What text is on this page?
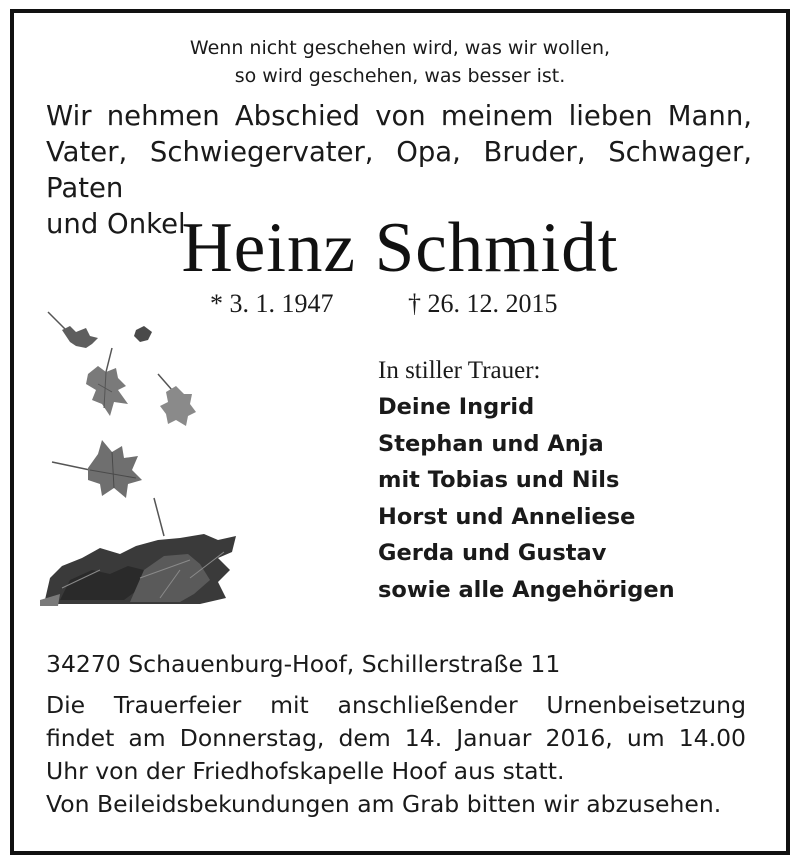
Wenn nicht geschehen wird, was wir wollen,
so wird geschehen, was besser ist.
Wir nehmen Abschied von meinem lieben Mann,
Vater, Schwiegervater, Opa, Bruder, Schwager, Paten
und Onkel
Heinz Schmidt
* 3. 1. 1947	† 26. 12. 2015
In stiller Trauer:
Deine Ingrid
Stephan und Anja
mit Tobias und Nils
Horst und Anneliese
Gerda und Gustav
sowie alle Angehörigen
34270 Schauenburg-Hoof, Schillerstraße 11
Die Trauerfeier mit anschließender Urnenbeisetzung
findet am Donnerstag, dem 14. Januar 2016, um 14.00
Uhr von der Friedhofskapelle Hoof aus statt.
Von Beileidsbekundungen am Grab bitten wir abzusehen.
